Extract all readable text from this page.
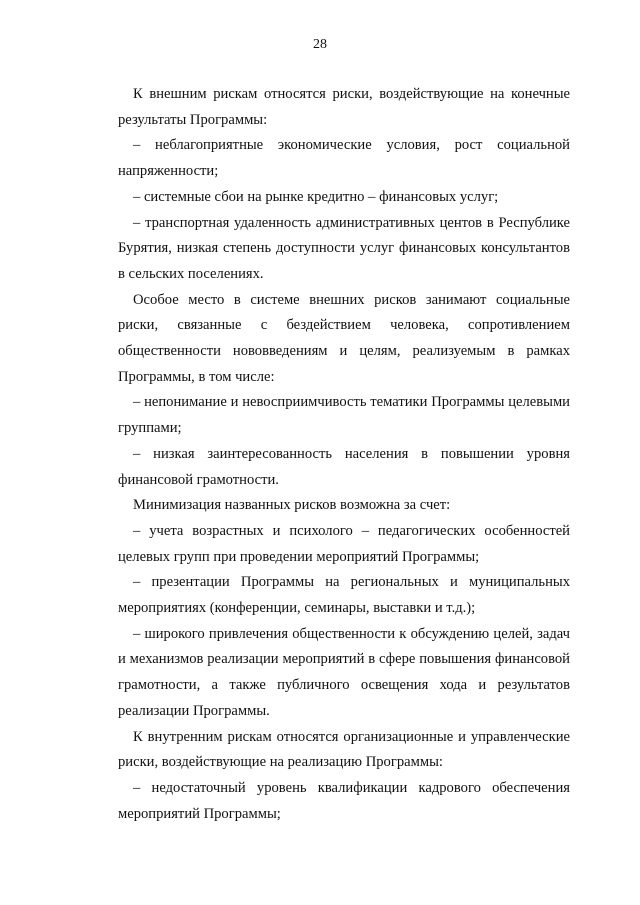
28

К внешним рискам относятся риски, воздействующие на конечные результаты Программы:

– неблагоприятные экономические условия, рост социальной напряженности;

– системные сбои на рынке кредитно – финансовых услуг;

– транспортная удаленность административных центов в Республике Бурятия, низкая степень доступности услуг финансовых консультантов в сельских поселениях.

Особое место в системе внешних рисков занимают социальные риски, связанные с бездействием человека, сопротивлением общественности нововведениям и целям, реализуемым в рамках Программы, в том числе:

– непонимание и невосприимчивость тематики Программы целевыми группами;

– низкая заинтересованность населения в повышении уровня финансовой грамотности.

Минимизация названных рисков возможна за счет:

– учета возрастных и психолого – педагогических особенностей целевых групп при проведении мероприятий Программы;

– презентации Программы на региональных и муниципальных мероприятиях (конференции, семинары, выставки и т.д.);

– широкого привлечения общественности к обсуждению целей, задач и механизмов реализации мероприятий в сфере повышения финансовой грамотности, а также публичного освещения хода и результатов реализации Программы.

К внутренним рискам относятся организационные и управленческие риски, воздействующие на реализацию Программы:

– недостаточный уровень квалификации кадрового обеспечения мероприятий Программы;
